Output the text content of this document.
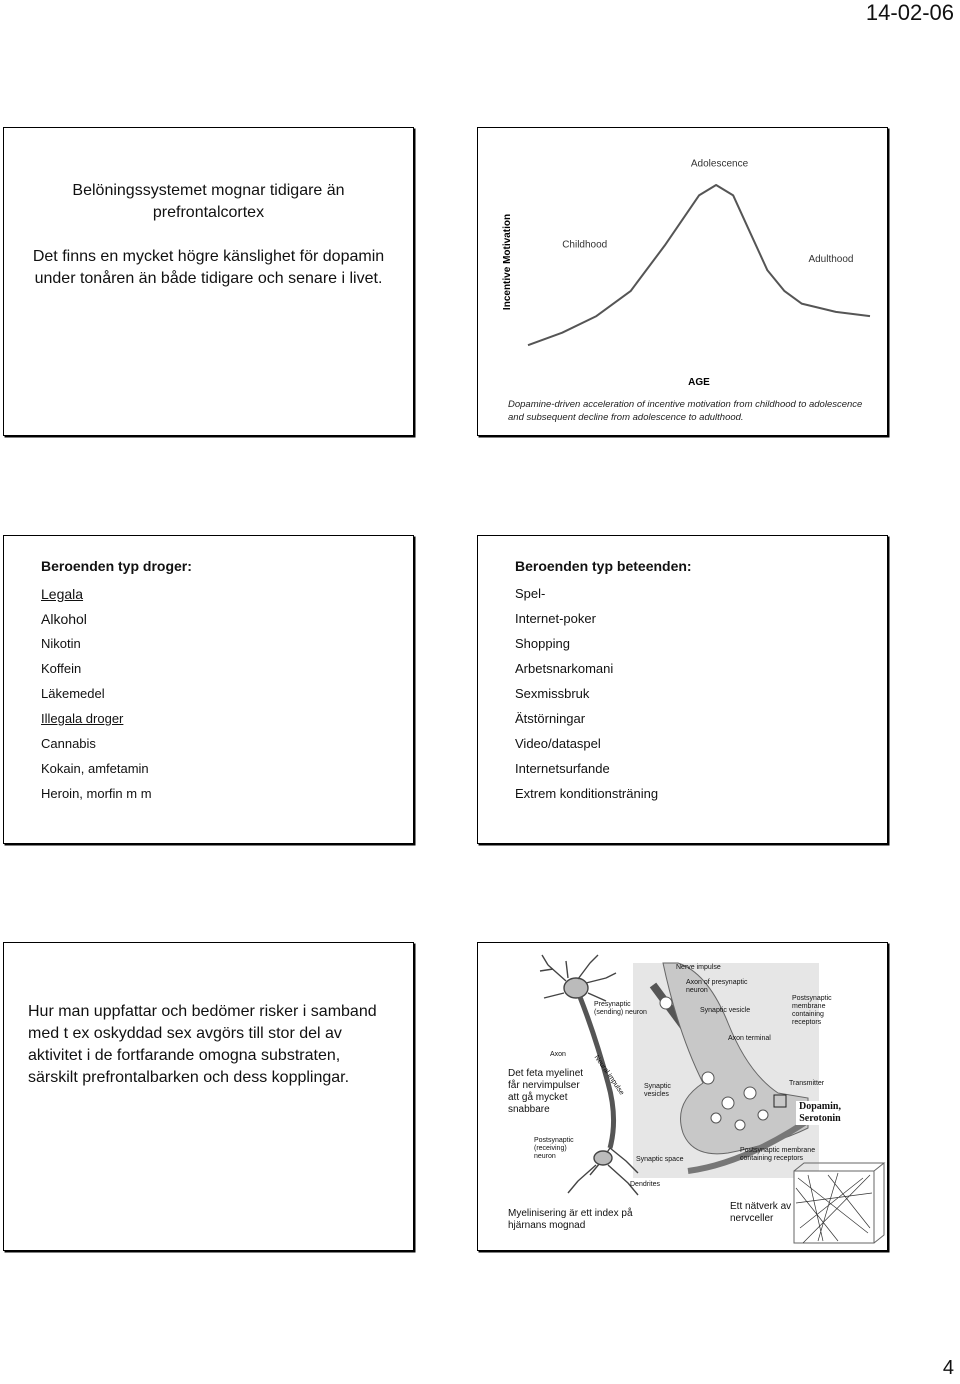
14-02-06
Belöningssystemet mognar tidigare än prefrontalcortex
Det finns en mycket högre känslighet för dopamin under tonåren än både tidigare och senare i livet.	Incentive Motivation
AGE
Childhood
Adolescence
Adulthood
Dopamine-driven acceleration of incentive motivation from childhood to adolescence and subsequent decline from adolescence to adulthood.
Beroenden typ droger:
Legala
Alkohol
Nikotin
Koffein
Läkemedel
Illegala droger
Cannabis
Kokain, amfetamin
Heroin, morfin m m
Beroenden typ beteenden:
Spel-
Internet-poker
Shopping
Arbetsnarkomani
Sexmissbruk
Ätstörningar
Video/dataspel
Internetsurfande
Extrem konditionsträning
Hur man uppfattar och bedömer risker i samband med t ex oskyddad sex avgörs till stor del av aktivitet i de fortfarande omogna substraten, särskilt prefrontalbarken och dess kopplingar.
Nerve impulse
Axon of presynaptic neuron
Presynaptic (sending) neuron	Synaptic vesicle
Postsynaptic membrane containing receptors
Axon	Neural impulse
Axon terminal
Synaptic vesicles
Transmitter
Postsynaptic (receiving) neuron	Synaptic space
Postsynaptic membrane containing receptors
Dendrites
Det feta myelinet får nervimpulser att gå mycket snabbare	Dopamin, Serotonin
Myelinisering är ett index på hjärnans mognad
Ett nätverk av nervceller
4
